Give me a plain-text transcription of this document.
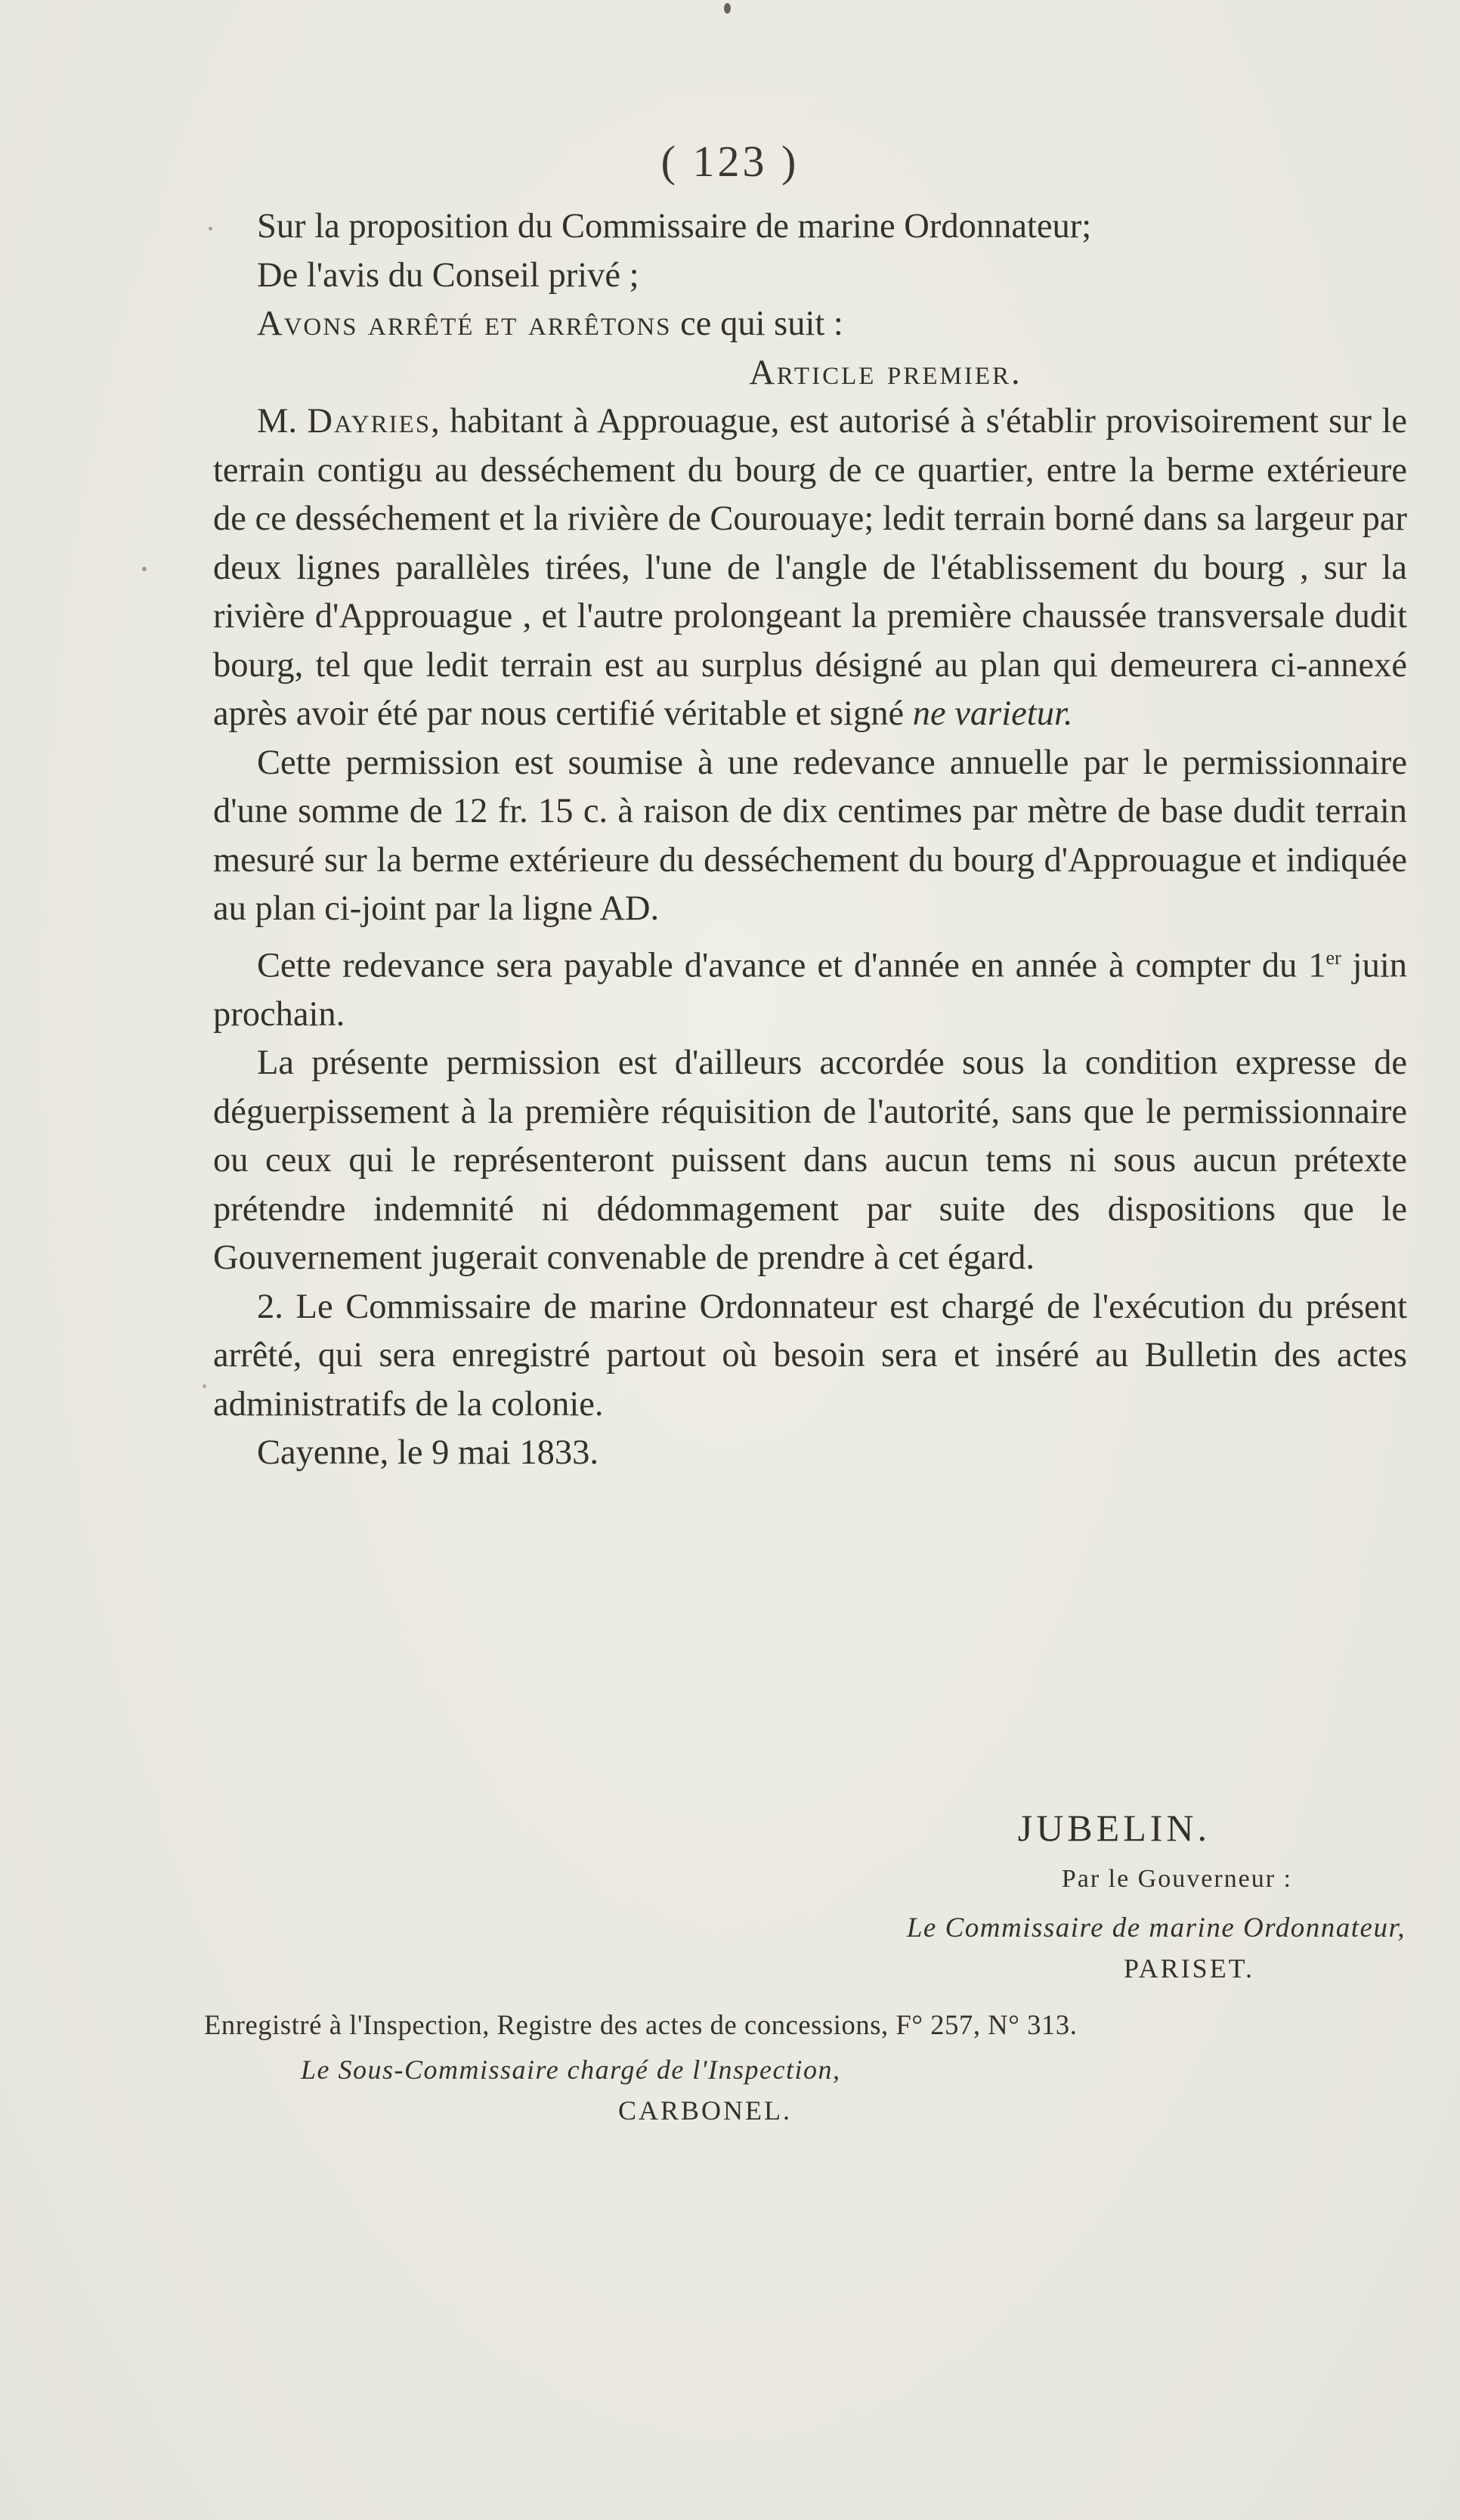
( 123 )

Sur la proposition du Commissaire de marine Ordonnateur;

De l'avis du Conseil privé ;

Avons arrêté et arrêtons ce qui suit :

Article premier.

M. Dayries, habitant à Approuague, est autorisé à s'établir provisoirement sur le terrain contigu au desséchement du bourg de ce quartier, entre la berme extérieure de ce desséchement et la rivière de Courouaye; ledit terrain borné dans sa largeur par deux lignes parallèles tirées, l'une de l'angle de l'établissement du bourg , sur la rivière d'Approuague , et l'autre prolongeant la première chaussée transversale dudit bourg, tel que ledit terrain est au surplus désigné au plan qui demeurera ci-annexé après avoir été par nous certifié véritable et signé ne varietur.

Cette permission est soumise à une redevance annuelle par le permissionnaire d'une somme de 12 fr. 15 c. à raison de dix centimes par mètre de base dudit terrain mesuré sur la berme extérieure du desséchement du bourg d'Approuague et indiquée au plan ci-joint par la ligne AD.

Cette redevance sera payable d'avance et d'année en année à compter du 1er juin prochain.

La présente permission est d'ailleurs accordée sous la condition expresse de déguerpissement à la première réquisition de l'autorité, sans que le permissionnaire ou ceux qui le représenteront puissent dans aucun tems ni sous aucun prétexte prétendre indemnité ni dédommagement par suite des dispositions que le Gouvernement jugerait convenable de prendre à cet égard.

2. Le Commissaire de marine Ordonnateur est chargé de l'exécution du présent arrêté, qui sera enregistré partout où besoin sera et inséré au Bulletin des actes administratifs de la colonie.

Cayenne, le 9 mai 1833.

JUBELIN.
Par le Gouverneur :
Le Commissaire de marine Ordonnateur,
PARISET.
Enregistré à l'Inspection, Registre des actes de concessions, F° 257, N° 313.
Le Sous-Commissaire chargé de l'Inspection,
CARBONEL.
